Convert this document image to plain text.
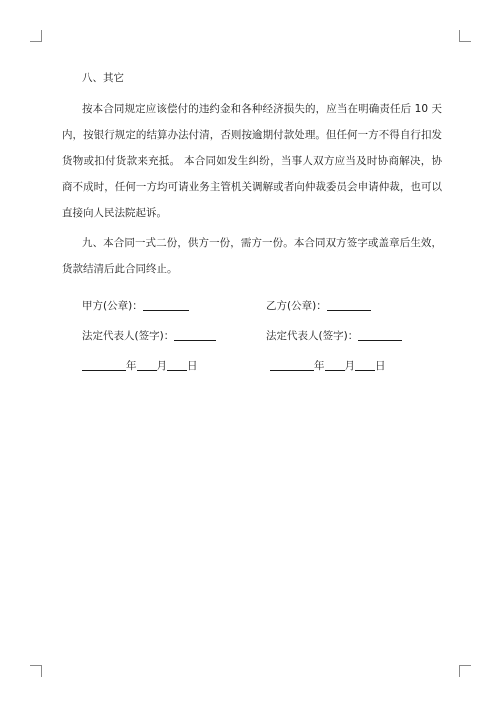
八、其它

按本合同规定应该偿付的违约金和各种经济损失的，应当在明确责任后 10 天内，按银行规定的结算办法付清，否则按逾期付款处理。但任何一方不得自行扣发货物或扣付货款来充抵。 本合同如发生纠纷，当事人双方应当及时协商解决，协商不成时，任何一方均可请业务主管机关调解或者向仲裁委员会申请仲裁，也可以直接向人民法院起诉。

九、本合同一式二份，供方一份，需方一份。本合同双方签字或盖章后生效，货款结清后此合同终止。

甲方(公章)：	乙方(公章)：
法定代表人(签字)：	法定代表人(签字)：
年 月 日	年 月 日
